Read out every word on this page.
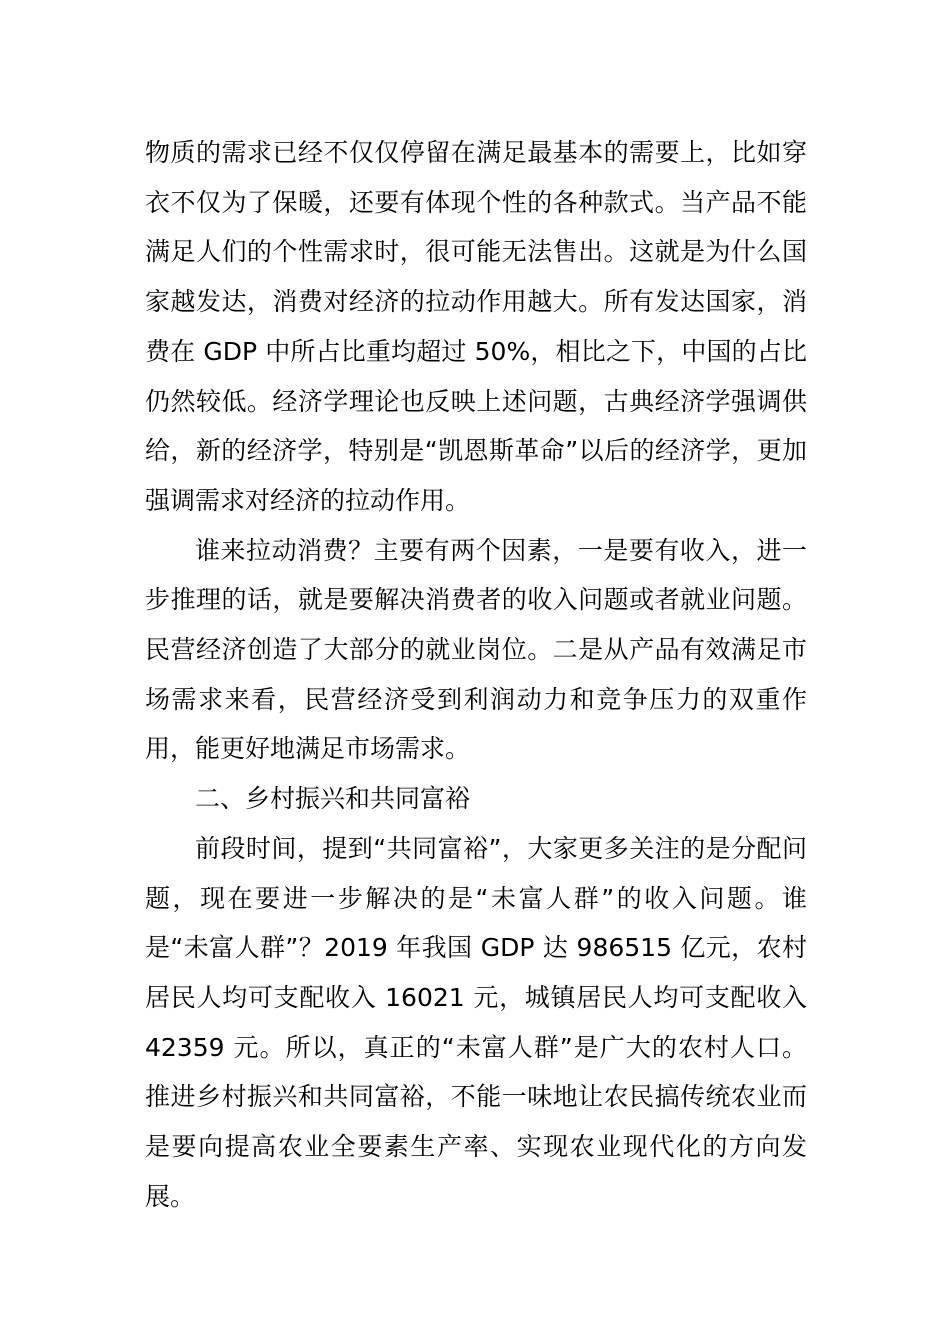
物质的需求已经不仅仅停留在满足最基本的需要上，比如穿衣不仅为了保暖，还要有体现个性的各种款式。当产品不能满足人们的个性需求时，很可能无法售出。这就是为什么国家越发达，消费对经济的拉动作用越大。所有发达国家，消费在 GDP 中所占比重均超过 50%，相比之下，中国的占比仍然较低。经济学理论也反映上述问题，古典经济学强调供给，新的经济学，特别是“凯恩斯革命”以后的经济学，更加强调需求对经济的拉动作用。

谁来拉动消费？主要有两个因素，一是要有收入，进一步推理的话，就是要解决消费者的收入问题或者就业问题。民营经济创造了大部分的就业岗位。二是从产品有效满足市场需求来看，民营经济受到利润动力和竞争压力的双重作用，能更好地满足市场需求。

二、乡村振兴和共同富裕

前段时间，提到“共同富裕”，大家更多关注的是分配问题，现在要进一步解决的是“未富人群”的收入问题。谁是“未富人群”？2019 年我国 GDP 达 986515 亿元，农村居民人均可支配收入 16021 元，城镇居民人均可支配收入 42359 元。所以，真正的“未富人群”是广大的农村人口。推进乡村振兴和共同富裕，不能一味地让农民搞传统农业而是要向提高农业全要素生产率、实现农业现代化的方向发展。
